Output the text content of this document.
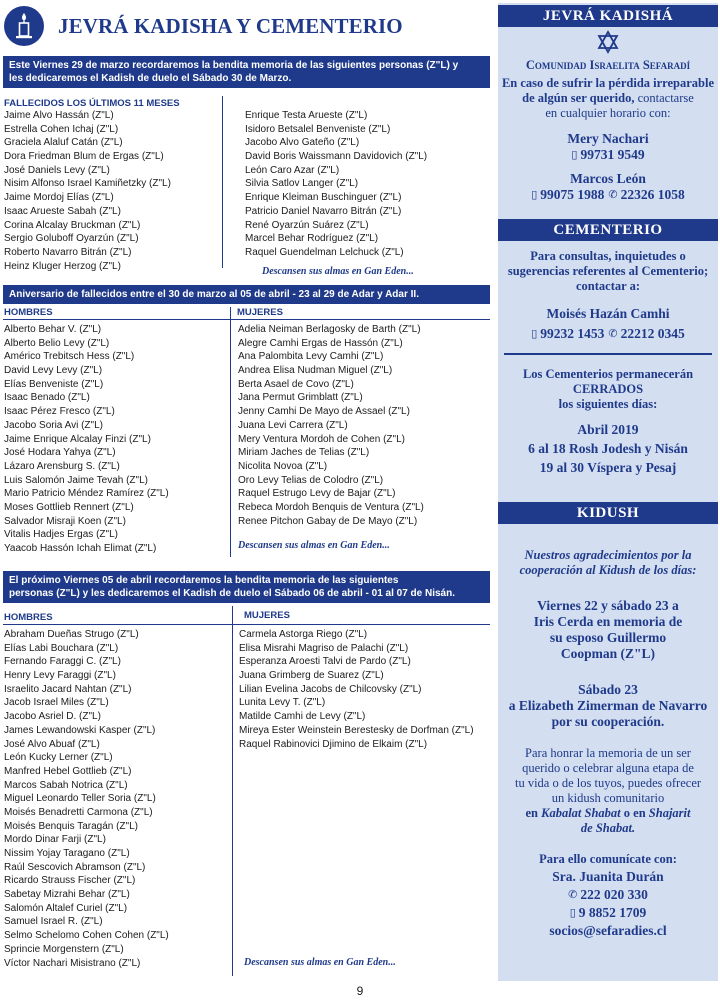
JEVRÁ KADISHA Y CEMENTERIO
Este Viernes 29 de marzo recordaremos la bendita memoria de las siguientes personas (Z"L) y
les dedicaremos el Kadish de duelo el Sábado 30 de Marzo.
FALLECIDOS LOS ÚLTIMOS 11 MESES
Jaime Alvo Hassán (Z"L)
Estrella Cohen Ichaj (Z"L)
Graciela Alaluf Catán (Z"L)
Dora Friedman Blum de Ergas (Z"L)
José Daniels Levy (Z"L)
Nisim Alfonso Israel Kamiñetzky (Z"L)
Jaime Mordoj Elías (Z"L)
Isaac Arueste Sabah (Z"L)
Corina Alcalay Bruckman (Z"L)
Sergio Goluboff Oyarzún (Z"L)
Roberto Navarro Bitrán (Z"L)
Heinz Kluger Herzog (Z"L)
Enrique Testa Arueste (Z"L)
Isidoro Betsalel Benveniste (Z"L)
Jacobo Alvo Gateño (Z"L)
David Boris Waissmann Davidovich (Z"L)
León Caro Azar (Z"L)
Silvia Satlov Langer (Z"L)
Enrique Kleiman Buschinguer (Z"L)
Patricio Daniel Navarro Bitrán (Z"L)
René Oyarzún Suárez (Z"L)
Marcel Behar Rodríguez (Z"L)
Raquel Guendelman Lelchuck (Z"L)
Descansen sus almas en Gan Eden...
Aniversario de fallecidos entre el 30 de marzo al 05 de abril - 23 al 29 de Adar y Adar II.
HOMBRES	MUJERES
Alberto Behar V. (Z"L)
Alberto Belio Levy (Z"L)
Américo Trebitsch Hess (Z"L)
David Levy Levy (Z"L)
Elías Benveniste (Z"L)
Isaac Benado (Z"L)
Isaac Pérez Fresco (Z"L)
Jacobo Soria Avi (Z"L)
Jaime Enrique Alcalay Finzi (Z"L)
José Hodara Yahya (Z"L)
Lázaro Arensburg S. (Z"L)
Luis Salomón Jaime Tevah (Z"L)
Mario Patricio Méndez Ramírez (Z"L)
Moses Gottlieb Rennert (Z"L)
Salvador Misraji Koen (Z"L)
Vitalis Hadjes Ergas (Z"L)
Yaacob Hassón Ichah Elimat (Z"L)
Adelia Neiman Berlagosky de Barth (Z"L)
Alegre Camhi Ergas de Hassón (Z"L)
Ana Palombita Levy Camhi (Z"L)
Andrea Elisa Nudman Miguel (Z"L)
Berta Asael de Covo (Z"L)
Jana Permut Grimblatt (Z"L)
Jenny Camhi De Mayo de Assael (Z"L)
Juana Levi Carrera (Z"L)
Mery Ventura Mordoh de Cohen (Z"L)
Miriam Jaches de Telias (Z"L)
Nicolita Novoa (Z"L)
Oro Levy Telias de Colodro (Z"L)
Raquel Estrugo Levy de Bajar (Z"L)
Rebeca Mordoh Benquis de Ventura (Z"L)
Renee Pitchon Gabay de De Mayo (Z"L)
Descansen sus almas en Gan Eden...
El próximo Viernes 05 de abril recordaremos la bendita memoria de las siguientes
personas (Z"L) y les dedicaremos el Kadish de duelo el Sábado 06 de abril - 01 al 07 de Nisán.
HOMBRES	MUJERES
Abraham Dueñas Strugo (Z"L)
Elías Labi Bouchara (Z"L)
Fernando Faraggi C. (Z"L)
Henry Levy Faraggi (Z"L)
Israelito Jacard Nahtan (Z"L)
Jacob Israel Miles (Z"L)
Jacobo Asriel D. (Z"L)
James Lewandowski Kasper (Z"L)
José Alvo Abuaf (Z"L)
León Kucky Lerner (Z"L)
Manfred Hebel Gottlieb (Z"L)
Marcos Sabah Notrica (Z"L)
Miguel Leonardo Teller Soria (Z"L)
Moisés Benadretti Carmona (Z"L)
Moisés Benquis Taragán (Z"L)
Mordo Dinar Farji (Z"L)
Nissim Yojay Taragano (Z"L)
Raúl Sescovich Abramson (Z"L)
Ricardo Strauss Fischer (Z"L)
Sabetay Mizrahi Behar (Z"L)
Salomón Altalef Curiel (Z"L)
Samuel Israel R. (Z"L)
Selmo Schelomo Cohen Cohen (Z"L)
Sprincie Morgenstern (Z"L)
Víctor Nachari Misistrano (Z"L)
Carmela Astorga Riego (Z"L)
Elisa Misrahi Magriso de Palachi (Z"L)
Esperanza Aroesti Talvi de Pardo (Z"L)
Juana Grimberg de Suarez (Z"L)
Lilian Evelina Jacobs de Chilcovsky (Z"L)
Lunita Levy T. (Z"L)
Matilde Camhi de Levy (Z"L)
Mireya Ester Weinstein Berestesky de Dorfman (Z"L)
Raquel Rabinovici Djimino de Elkaim (Z"L)
Descansen sus almas en Gan Eden...
9
JEVRÁ KADISHÁ
Comunidad Israelita Sefaradí
En caso de sufrir la pérdida irreparable
de algún ser querido, contactarse
en cualquier horario con:
Mery Nachari
▯ 99731 9549
Marcos León
▯ 99075 1988 ✆ 22326 1058
CEMENTERIO
Para consultas, inquietudes o
sugerencias referentes al Cementerio;
contactar a:
Moisés Hazán Camhi
▯ 99232 1453 ✆ 22212 0345
Los Cementerios permanecerán
CERRADOS
los siguientes días:
Abril 2019
6 al 18 Rosh Jodesh y Nisán
19 al 30 Víspera y Pesaj
KIDUSH
Nuestros agradecimientos por la
cooperación al Kidush de los días:
Viernes 22 y sábado 23 a
Iris Cerda en memoria de
su esposo Guillermo
Coopman (Z"L)
Sábado 23
a Elizabeth Zimerman de Navarro
por su cooperación.
Para honrar la memoria de un ser
querido o celebrar alguna etapa de
tu vida o de los tuyos, puedes ofrecer
un kidush comunitario
en Kabalat Shabat o en Shajarit
de Shabat.
Para ello comunícate con:
Sra. Juanita Durán
✆ 222 020 330
▯ 9 8852 1709
socios@sefaradies.cl
